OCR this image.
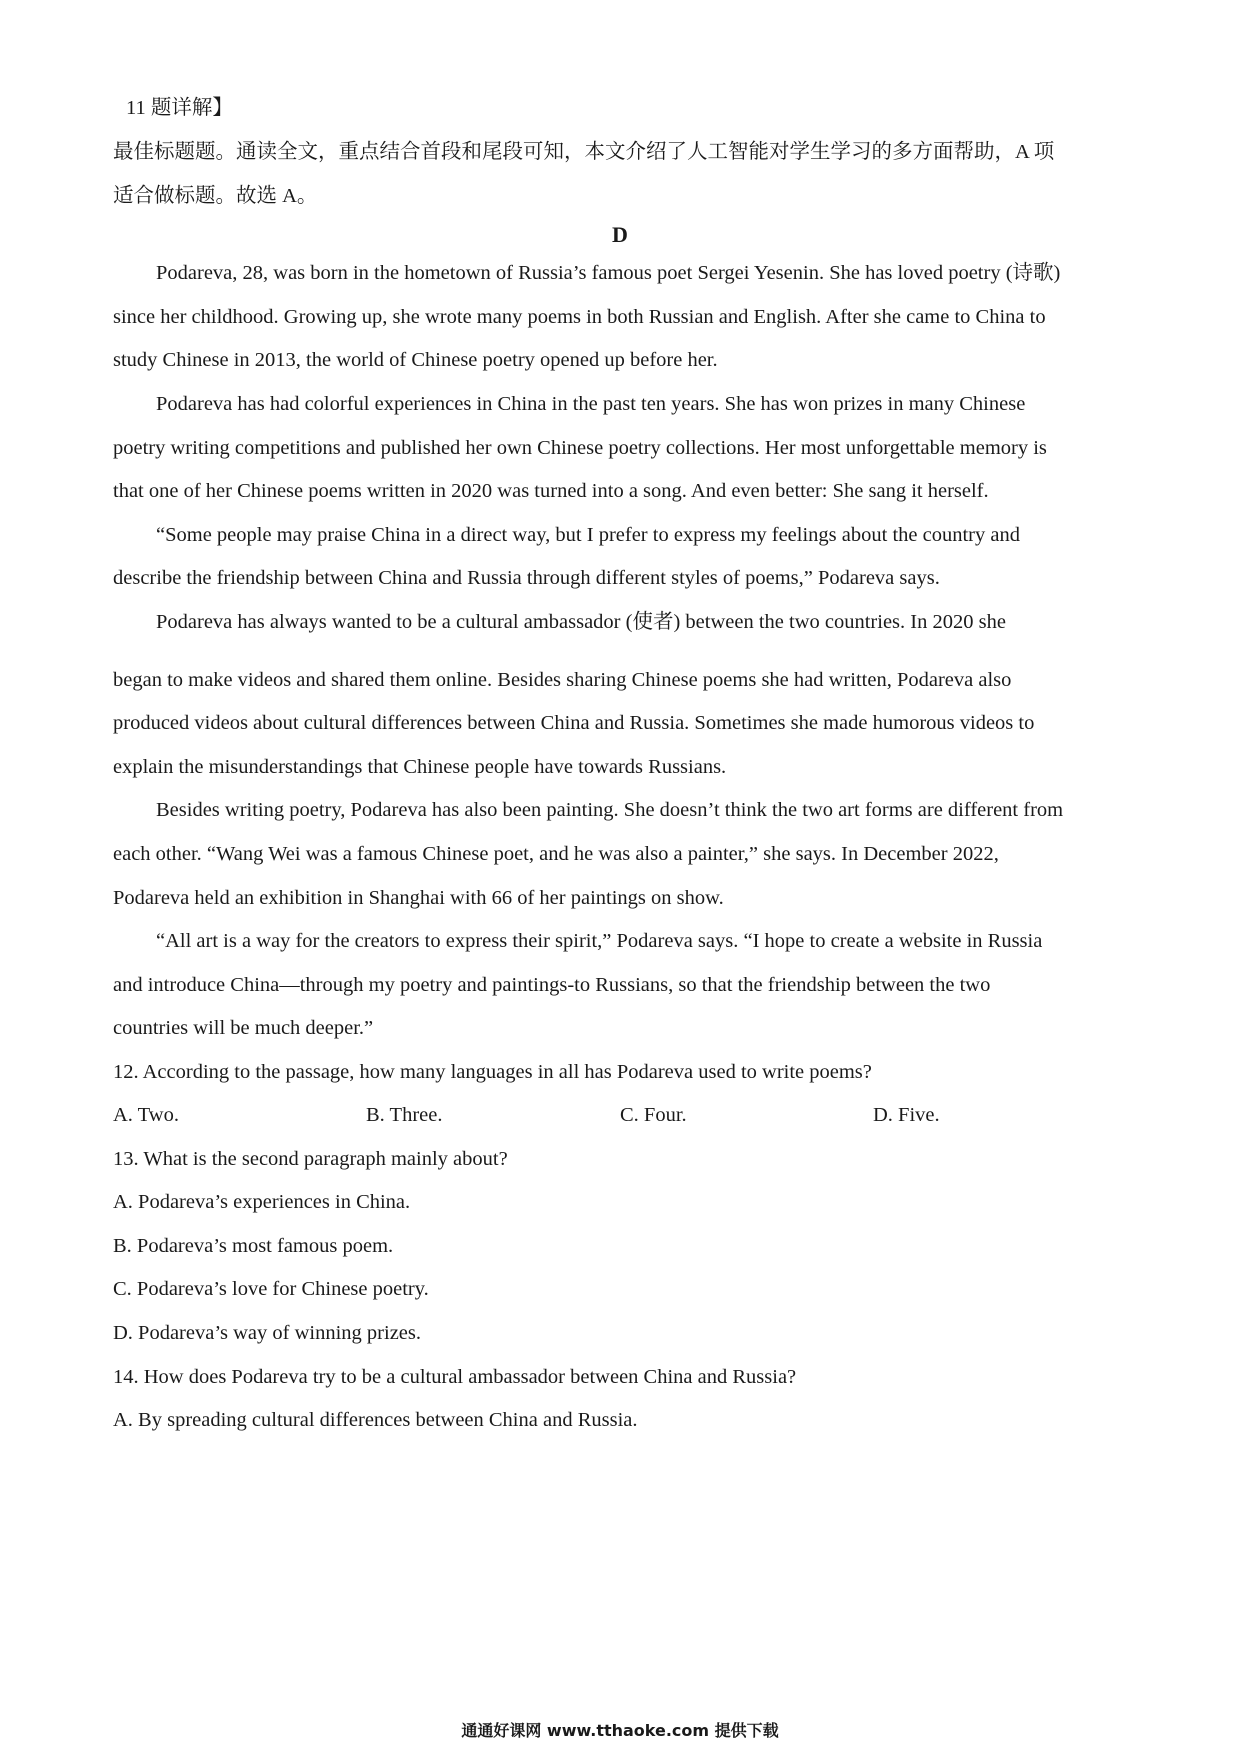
11 题详解】
最佳标题题。通读全文，重点结合首段和尾段可知，本文介绍了人工智能对学生学习的多方面帮助，A 项
适合做标题。故选 A。
D
Podareva, 28, was born in the hometown of Russia’s famous poet Sergei Yesenin. She has loved poetry (诗歌)
since her childhood. Growing up, she wrote many poems in both Russian and English. After she came to China to
study Chinese in 2013, the world of Chinese poetry opened up before her.
Podareva has had colorful experiences in China in the past ten years. She has won prizes in many Chinese
poetry writing competitions and published her own Chinese poetry collections. Her most unforgettable memory is
that one of her Chinese poems written in 2020 was turned into a song. And even better: She sang it herself.
“Some people may praise China in a direct way, but I prefer to express my feelings about the country and
describe the friendship between China and Russia through different styles of poems,” Podareva says.
Podareva has always wanted to be a cultural ambassador (使者) between the two countries. In 2020 she
began to make videos and shared them online. Besides sharing Chinese poems she had written, Podareva also
produced videos about cultural differences between China and Russia. Sometimes she made humorous videos to
explain the misunderstandings that Chinese people have towards Russians.
Besides writing poetry, Podareva has also been painting. She doesn’t think the two art forms are different from
each other. “Wang Wei was a famous Chinese poet, and he was also a painter,” she says. In December 2022,
Podareva held an exhibition in Shanghai with 66 of her paintings on show.
“All art is a way for the creators to express their spirit,” Podareva says. “I hope to create a website in Russia
and introduce China—through my poetry and paintings-to Russians, so that the friendship between the two
countries will be much deeper.”
12. According to the passage, how many languages in all has Podareva used to write poems?
A. Two.	B. Three.	C. Four.	D. Five.
13. What is the second paragraph mainly about?
A. Podareva’s experiences in China.
B. Podareva’s most famous poem.
C. Podareva’s love for Chinese poetry.
D. Podareva’s way of winning prizes.
14. How does Podareva try to be a cultural ambassador between China and Russia?
A. By spreading cultural differences between China and Russia.
通通好课网 www.tthaoke.com 提供下载
